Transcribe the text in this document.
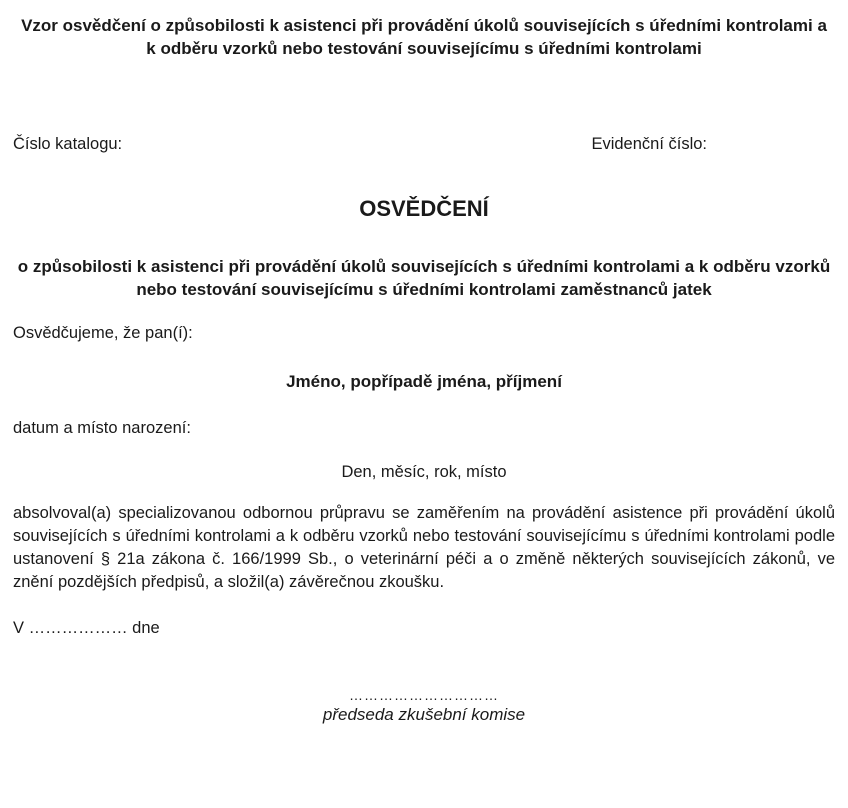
Vzor osvědčení o způsobilosti k asistenci při provádění úkolů souvisejících s úředními kontrolami a k odběru vzorků nebo testování souvisejícímu s úředními kontrolami
Číslo katalogu:	Evidenční číslo:
OSVĚDČENÍ
o způsobilosti k asistenci při provádění úkolů souvisejících s úředními kontrolami a k odběru vzorků nebo testování souvisejícímu s úředními kontrolami zaměstnanců jatek
Osvědčujeme, že pan(í):
Jméno, popřípadě jména, příjmení
datum a místo narození:
Den, měsíc, rok, místo
absolvoval(a) specializovanou odbornou průpravu se zaměřením na provádění asistence při provádění úkolů souvisejících s úředními kontrolami a k odběru vzorků nebo testování souvisejícímu s úředními kontrolami podle ustanovení § 21a zákona č. 166/1999 Sb., o veterinární péči a o změně některých souvisejících zákonů, ve znění pozdějších předpisů, a složil(a) závěrečnou zkoušku.
V ……………… dne
…………………………
předseda zkušební komise
